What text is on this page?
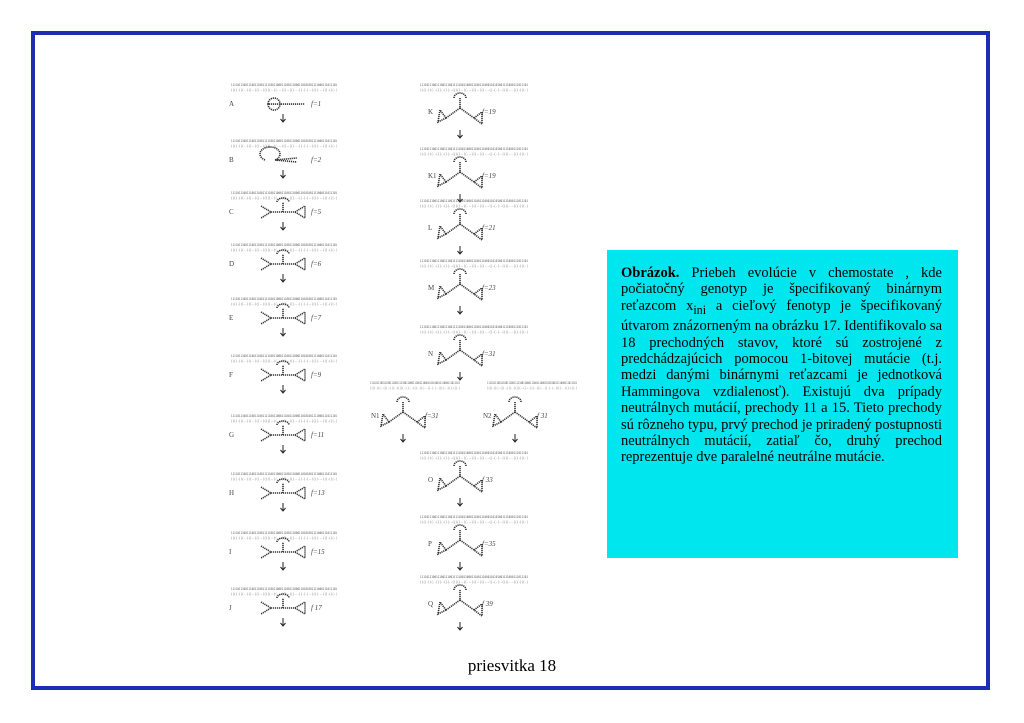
1111011100111001110011111001100011100111000110101001111000111011101
((((.(((..(((..(((..(((((..((...(((..(((...((.(.(..((((...(((.(((.(
A	f=1
1111011100111001110011111001100011100111000110101001111000111011101
((((.(((..(((..(((..(((((..((...(((..(((...((.(.(..((((...(((.(((.(
B	f=2
1111011100111001110011111001100011100111000110101001111000111011101
((((.(((..(((..(((..(((((..((...(((..(((...((.(.(..((((...(((.(((.(
C	f=5
1111011100111001110011111001100011100111000110101001111000111011101
((((.(((..(((..(((..(((((..((...(((..(((...((.(.(..((((...(((.(((.(
D	f=6
1111011100111001110011111001100011100111000110101001111000111011101
((((.(((..(((..(((..(((((..((...(((..(((...((.(.(..((((...(((.(((.(
E	f=7
1111011100111001110011111001100011100111000110101001111000111011101
((((.(((..(((..(((..(((((..((...(((..(((...((.(.(..((((...(((.(((.(
F	f=9
1111011100111001110011111001100011100111000110101001111000111011101
((((.(((..(((..(((..(((((..((...(((..(((...((.(.(..((((...(((.(((.(
G	f=11
1111011100111001110011111001100011100111000110101001111000111011101
((((.(((..(((..(((..(((((..((...(((..(((...((.(.(..((((...(((.(((.(
H	f=13
1111011100111001110011111001100011100111000110101001111000111011101
((((.(((..(((..(((..(((((..((...(((..(((...((.(.(..((((...(((.(((.(
I	f=15
1111011100111001110011111001100011100111000110101001111000111011101
((((.(((..(((..(((..(((((..((...(((..(((...((.(.(..((((...(((.(((.(
J	f 17
1111011100111001110011111001100011100111000110101001111000111011101
((((.(((..(((..(((..(((((..((...(((..(((...((.(.(..((((...(((.(((.(
K	f=19
1111011100111001110011111001100011100111000110101001111000111011101
((((.(((..(((..(((..(((((..((...(((..(((...((.(.(..((((...(((.(((.(
K1	f=19
1111011100111001110011111001100011100111000110101001111000111011101
((((.(((..(((..(((..(((((..((...(((..(((...((.(.(..((((...(((.(((.(
L	f=21
1111011100111001110011111001100011100111000110101001111000111011101
((((.(((..(((..(((..(((((..((...(((..(((...((.(.(..((((...(((.(((.(
M	f=23
1111011100111001110011111001100011100111000110101001111000111011101
((((.(((..(((..(((..(((((..((...(((..(((...((.(.(..((((...(((.(((.(
N	f=31
1111011100111001110011111001100011100111000110101001111000111011101
((((.(((..(((..(((..(((((..((...(((..(((...((.(.(..((((...(((.(((.(
N1	f=31
1111011100111001110011111001100011100111000110101001111000111011101
((((.(((..(((..(((..(((((..((...(((..(((...((.(.(..((((...(((.(((.(
N2	f 31
1111011100111001110011111001100011100111000110101001111000111011101
((((.(((..(((..(((..(((((..((...(((..(((...((.(.(..((((...(((.(((.(
O	f 33
1111011100111001110011111001100011100111000110101001111000111011101
((((.(((..(((..(((..(((((..((...(((..(((...((.(.(..((((...(((.(((.(
P	f=35
1111011100111001110011111001100011100111000110101001111000111011101
((((.(((..(((..(((..(((((..((...(((..(((...((.(.(..((((...(((.(((.(
Q	f 39

Obrázok. Priebeh evolúcie v chemostate , kde počiatočný genotyp je špecifikovaný binárnym reťazcom $x_{ini}$ a cieľový fenotyp je špecifikovaný útvarom znázorneným na obrázku 17. Identifikovalo sa 18 prechodných stavov, ktoré sú zostrojené z predchádzajúcich pomocou 1-bitovej mutácie (t.j. medzi danými binárnymi reťazcami je jednotková Hammingova vzdialenosť). Existujú dva prípady neutrálnych mutácií, prechody 11 a 15. Tieto prechody sú rôzneho typu, prvý prechod je priradený postupnosti neutrálnych mutácií, zatiaľ čo, druhý prechod reprezentuje dve paralelné neutrálne mutácie.

priesvitka 18
